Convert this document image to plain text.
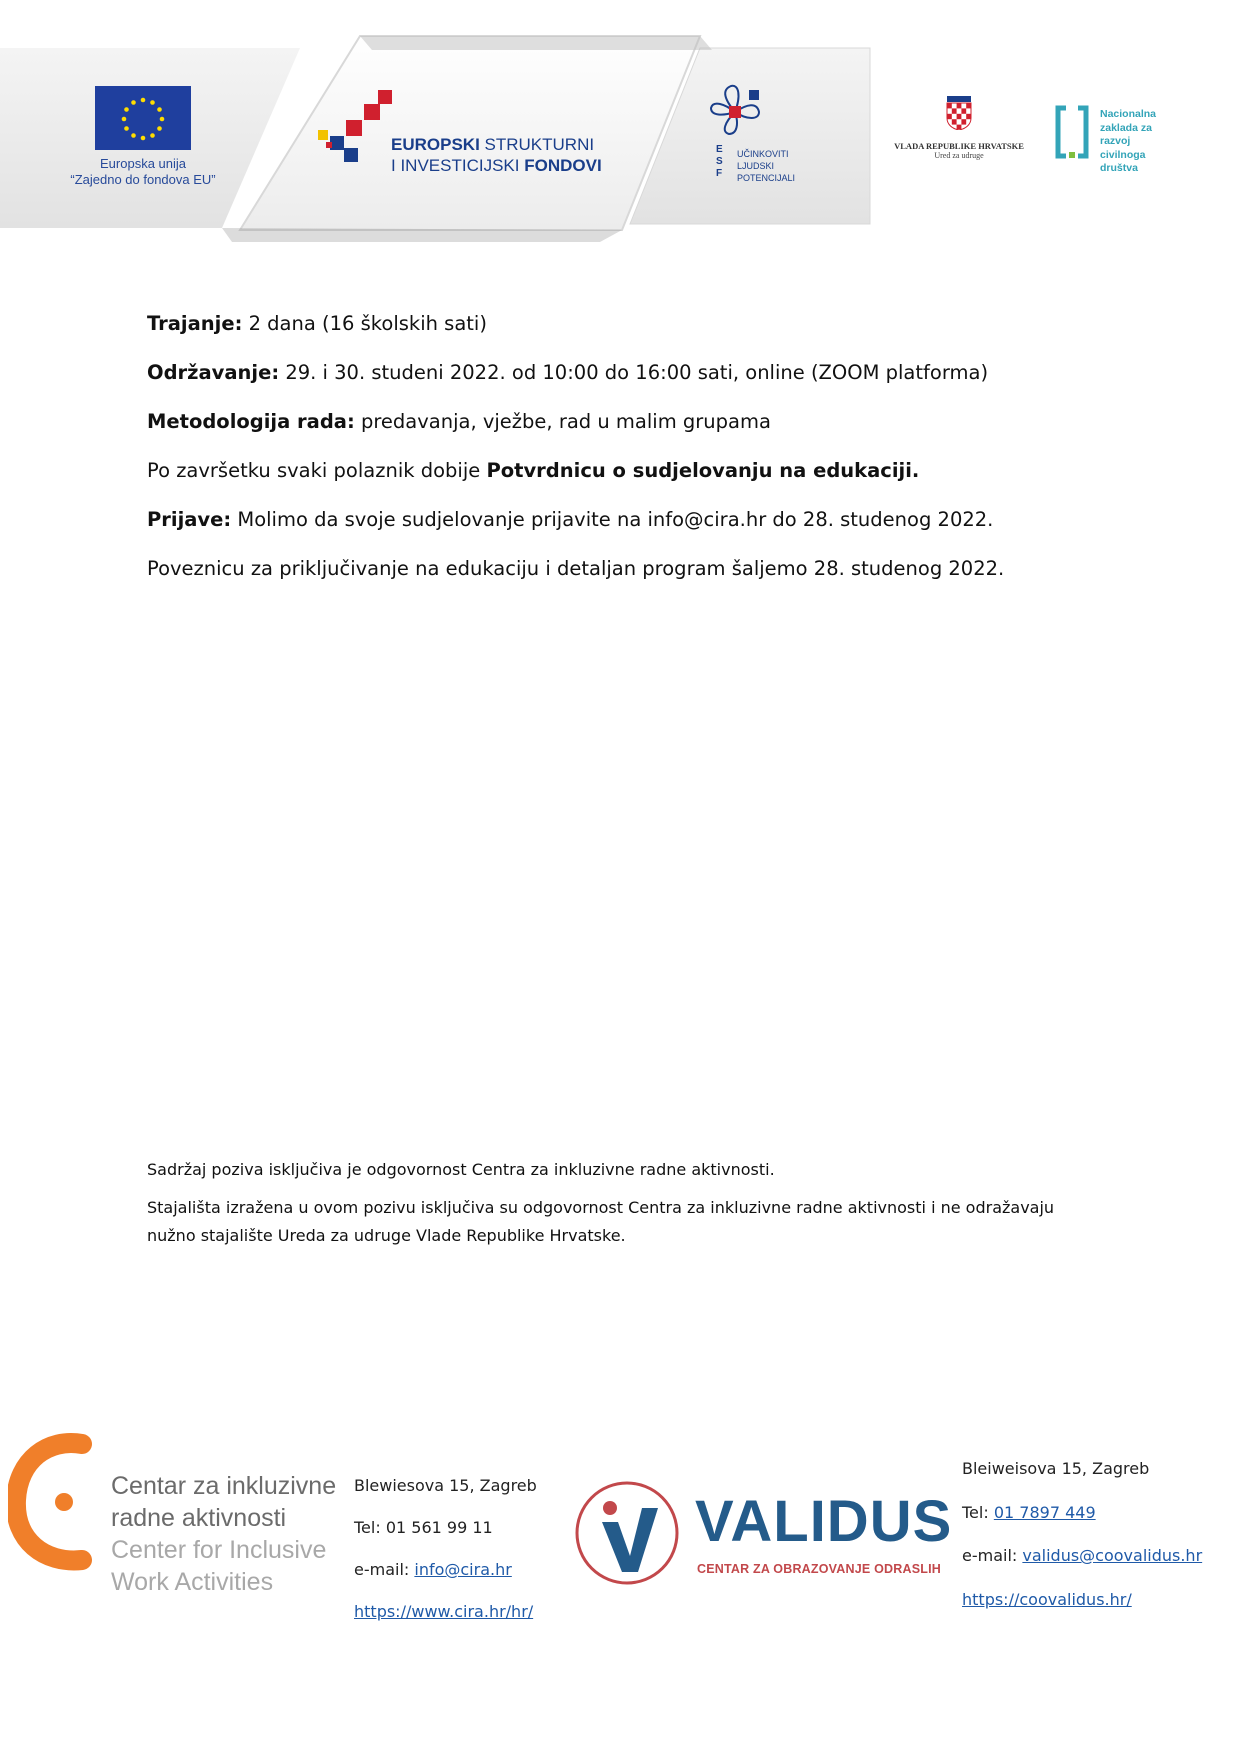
Europska unija
“Zajedno do fondova EU”
EUROPSKI STRUKTURNI
I INVESTICIJSKI FONDOVI
E
S
F
UČINKOVITI
LJUDSKI
POTENCIJALI
VLADA REPUBLIKE HRVATSKE
Ured za udruge
Nacionalna
zaklada za
razvoj
civilnoga
društva

Trajanje: 2 dana (16 školskih sati)

Održavanje: 29. i 30. studeni 2022. od 10:00 do 16:00 sati, online (ZOOM platforma)

Metodologija rada: predavanja, vježbe, rad u malim grupama

Po završetku svaki polaznik dobije Potvrdnicu o sudjelovanju na edukaciji.

Prijave: Molimo da svoje sudjelovanje prijavite na info@cira.hr do 28. studenog 2022.

Poveznicu za priključivanje na edukaciju i detaljan program šaljemo 28. studenog 2022.

Sadržaj poziva isključiva je odgovornost Centra za inkluzivne radne aktivnosti.

Stajališta izražena u ovom pozivu isključiva su odgovornost Centra za inkluzivne radne aktivnosti i ne odražavaju nužno stajalište Ureda za udruge Vlade Republike Hrvatske.

Centar za inkluzivne
radne aktivnosti
Center for Inclusive
Work Activities
Blewiesova 15, Zagreb
Tel: 01 561 99 11
e-mail: info@cira.hr
https://www.cira.hr/hr/
VALIDUS
CENTAR ZA OBRAZOVANJE ODRASLIH
Bleiweisova 15, Zagreb
Tel: 01 7897 449
e-mail: validus@coovalidus.hr
https://coovalidus.hr/
